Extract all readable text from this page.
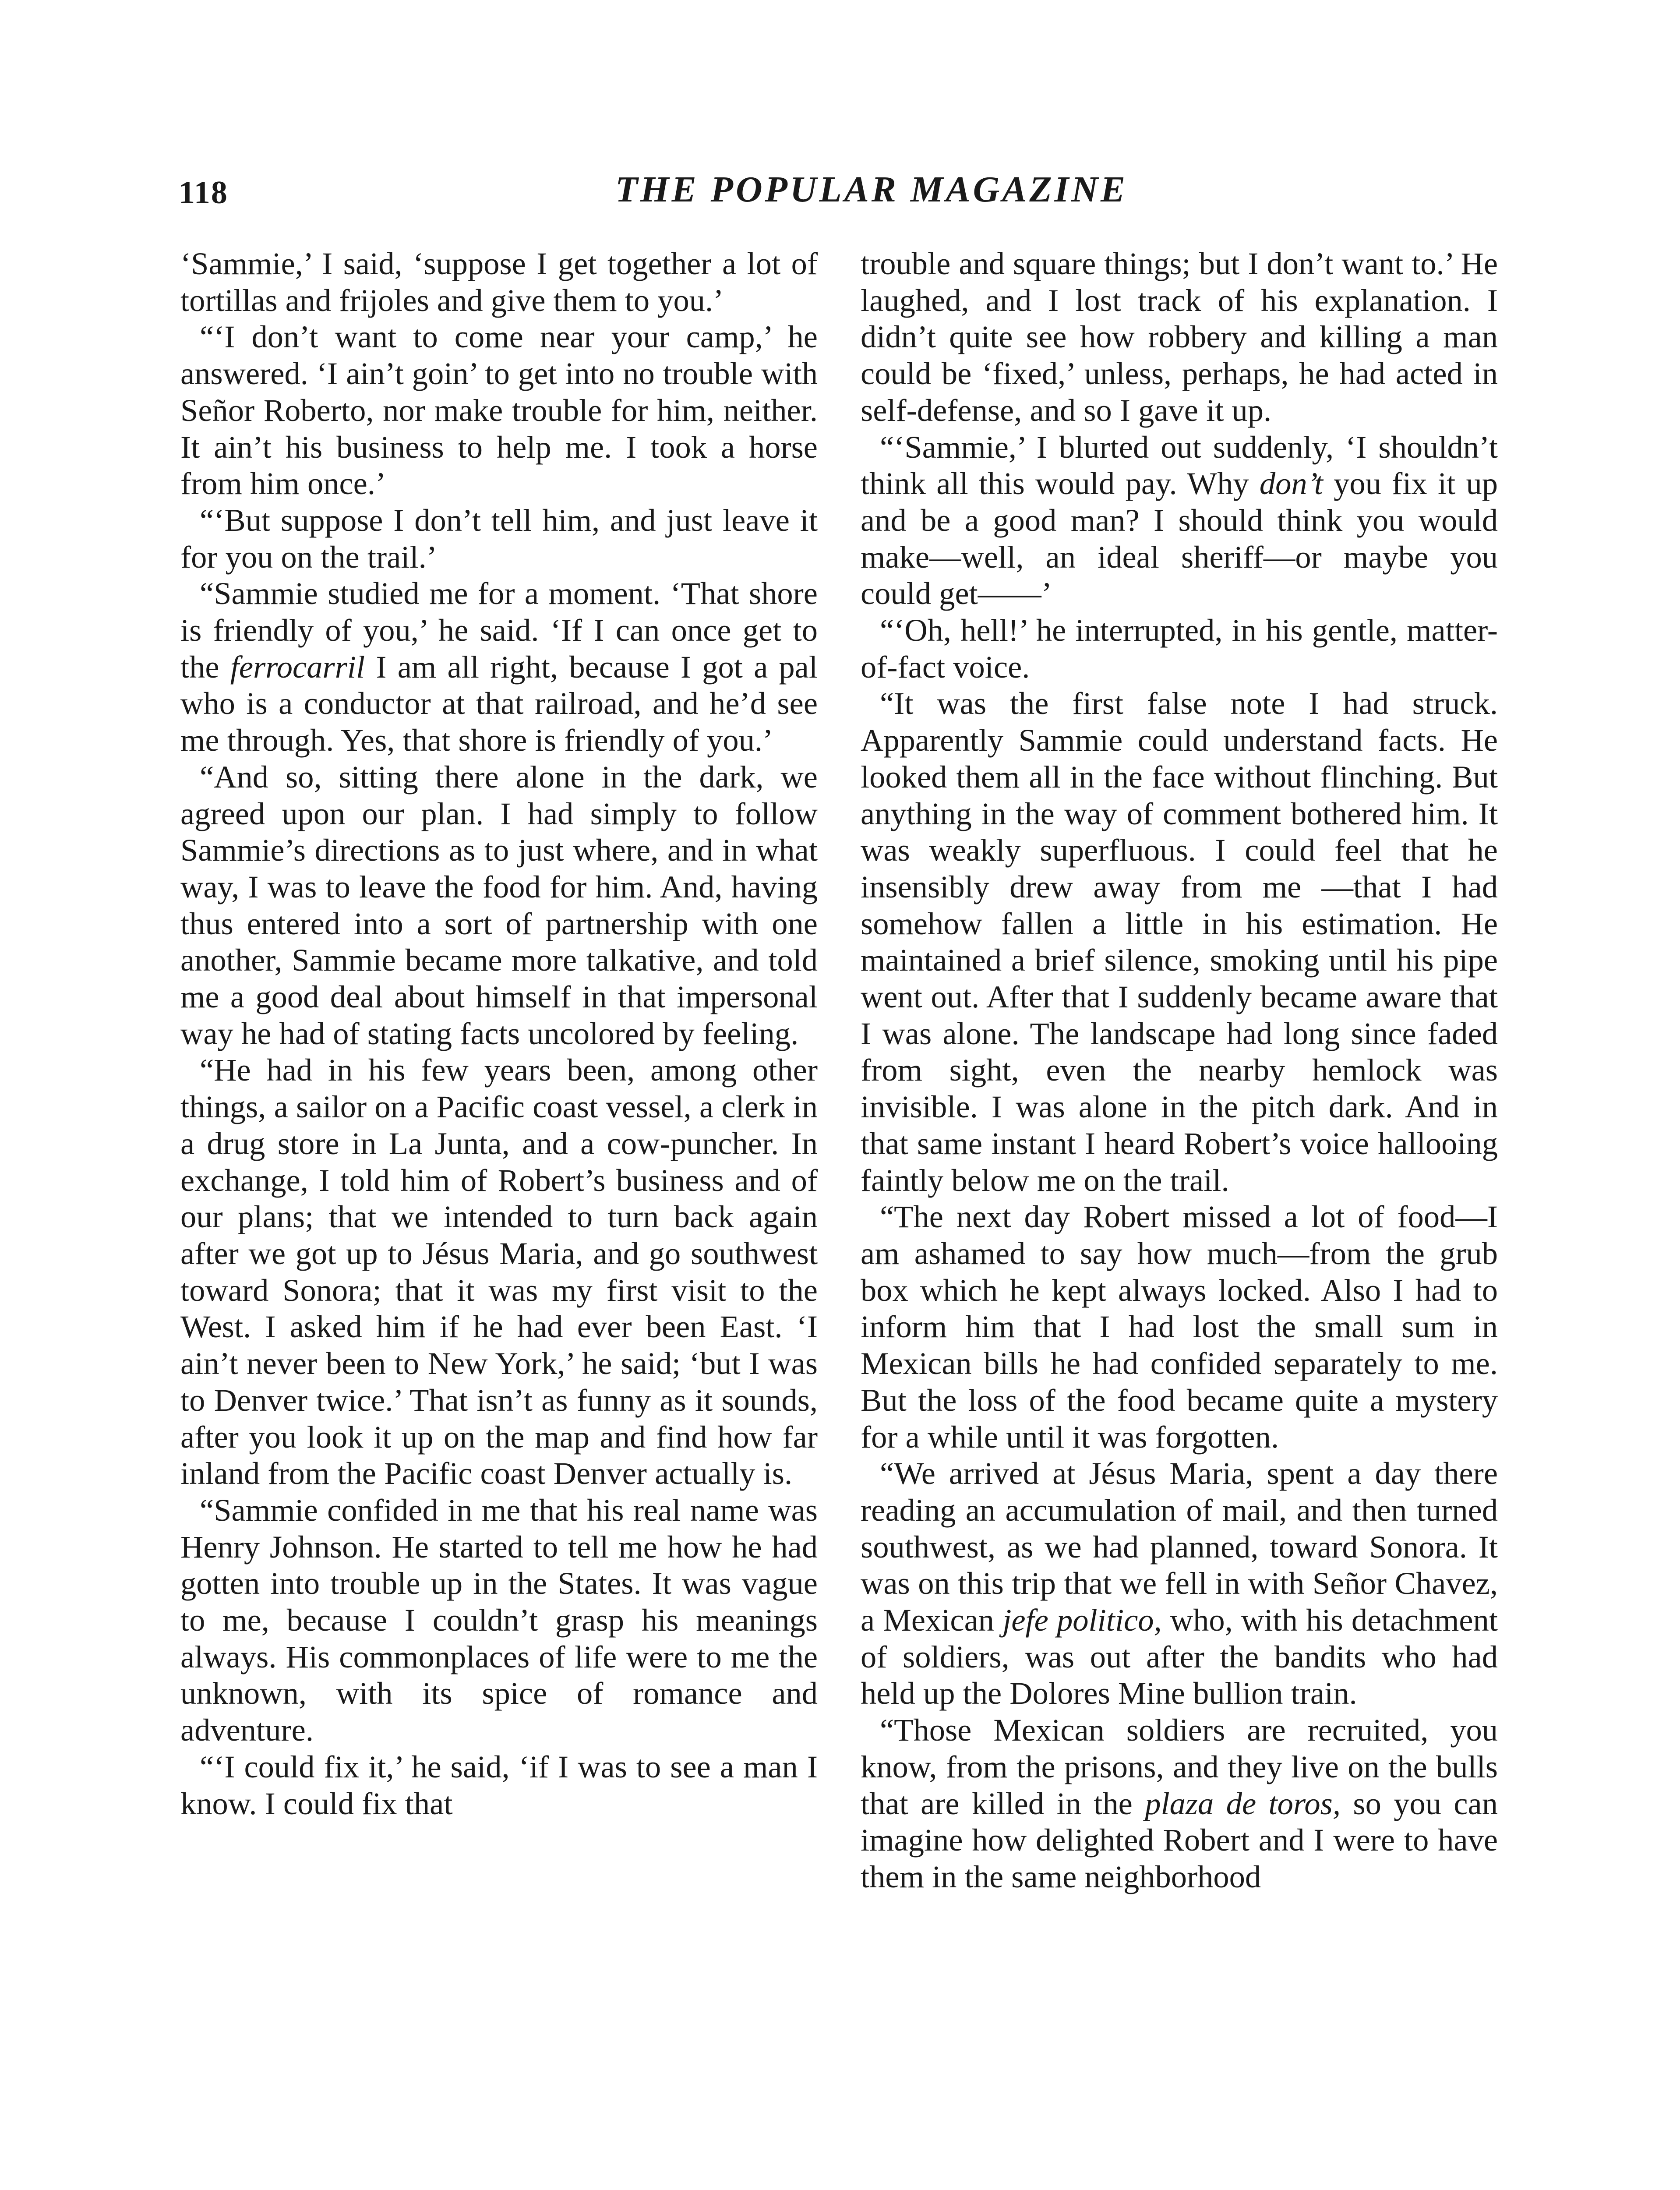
118	THE POPULAR MAGAZINE

‘Sammie,’ I said, ‘suppose I get together a lot of tortillas and frijoles and give them to you.’

“‘I don’t want to come near your camp,’ he answered. ‘I ain’t goin’ to get into no trouble with Señor Roberto, nor make trouble for him, neither. It ain’t his business to help me. I took a horse from him once.’

“‘But suppose I don’t tell him, and just leave it for you on the trail.’

“Sammie studied me for a moment. ‘That shore is friendly of you,’ he said. ‘If I can once get to the ferrocarril I am all right, because I got a pal who is a conductor at that railroad, and he’d see me through. Yes, that shore is friendly of you.’

“And so, sitting there alone in the dark, we agreed upon our plan. I had simply to follow Sammie’s directions as to just where, and in what way, I was to leave the food for him. And, having thus entered into a sort of partnership with one another, Sammie became more talkative, and told me a good deal about himself in that impersonal way he had of stating facts uncolored by feeling.

“He had in his few years been, among other things, a sailor on a Pacific coast vessel, a clerk in a drug store in La Junta, and a cow-puncher. In exchange, I told him of Robert’s business and of our plans; that we intended to turn back again after we got up to Jésus Maria, and go southwest toward Sonora; that it was my first visit to the West. I asked him if he had ever been East. ‘I ain’t never been to New York,’ he said; ‘but I was to Denver twice.’ That isn’t as funny as it sounds, after you look it up on the map and find how far inland from the Pacific coast Denver actually is.

“Sammie confided in me that his real name was Henry Johnson. He started to tell me how he had gotten into trouble up in the States. It was vague to me, because I couldn’t grasp his meanings always. His commonplaces of life were to me the unknown, with its spice of romance and adventure.

“‘I could fix it,’ he said, ‘if I was to see a man I know. I could fix that

trouble and square things; but I don’t want to.’ He laughed, and I lost track of his explanation. I didn’t quite see how robbery and killing a man could be ‘fixed,’ unless, perhaps, he had acted in self-defense, and so I gave it up.

“‘Sammie,’ I blurted out suddenly, ‘I shouldn’t think all this would pay. Why don’t you fix it up and be a good man? I should think you would make—well, an ideal sheriff—or maybe you could get——’

“‘Oh, hell!’ he interrupted, in his gentle, matter-of-fact voice.

“It was the first false note I had struck. Apparently Sammie could understand facts. He looked them all in the face without flinching. But anything in the way of comment bothered him. It was weakly superfluous. I could feel that he insensibly drew away from me —that I had somehow fallen a little in his estimation. He maintained a brief silence, smoking until his pipe went out. After that I suddenly became aware that I was alone. The landscape had long since faded from sight, even the nearby hemlock was invisible. I was alone in the pitch dark. And in that same instant I heard Robert’s voice hallooing faintly below me on the trail.

“The next day Robert missed a lot of food—I am ashamed to say how much—from the grub box which he kept always locked. Also I had to inform him that I had lost the small sum in Mexican bills he had confided separately to me. But the loss of the food became quite a mystery for a while until it was forgotten.

“We arrived at Jésus Maria, spent a day there reading an accumulation of mail, and then turned southwest, as we had planned, toward Sonora. It was on this trip that we fell in with Señor Chavez, a Mexican jefe politico, who, with his detachment of soldiers, was out after the bandits who had held up the Dolores Mine bullion train.

“Those Mexican soldiers are recruited, you know, from the prisons, and they live on the bulls that are killed in the plaza de toros, so you can imagine how delighted Robert and I were to have them in the same neighborhood
